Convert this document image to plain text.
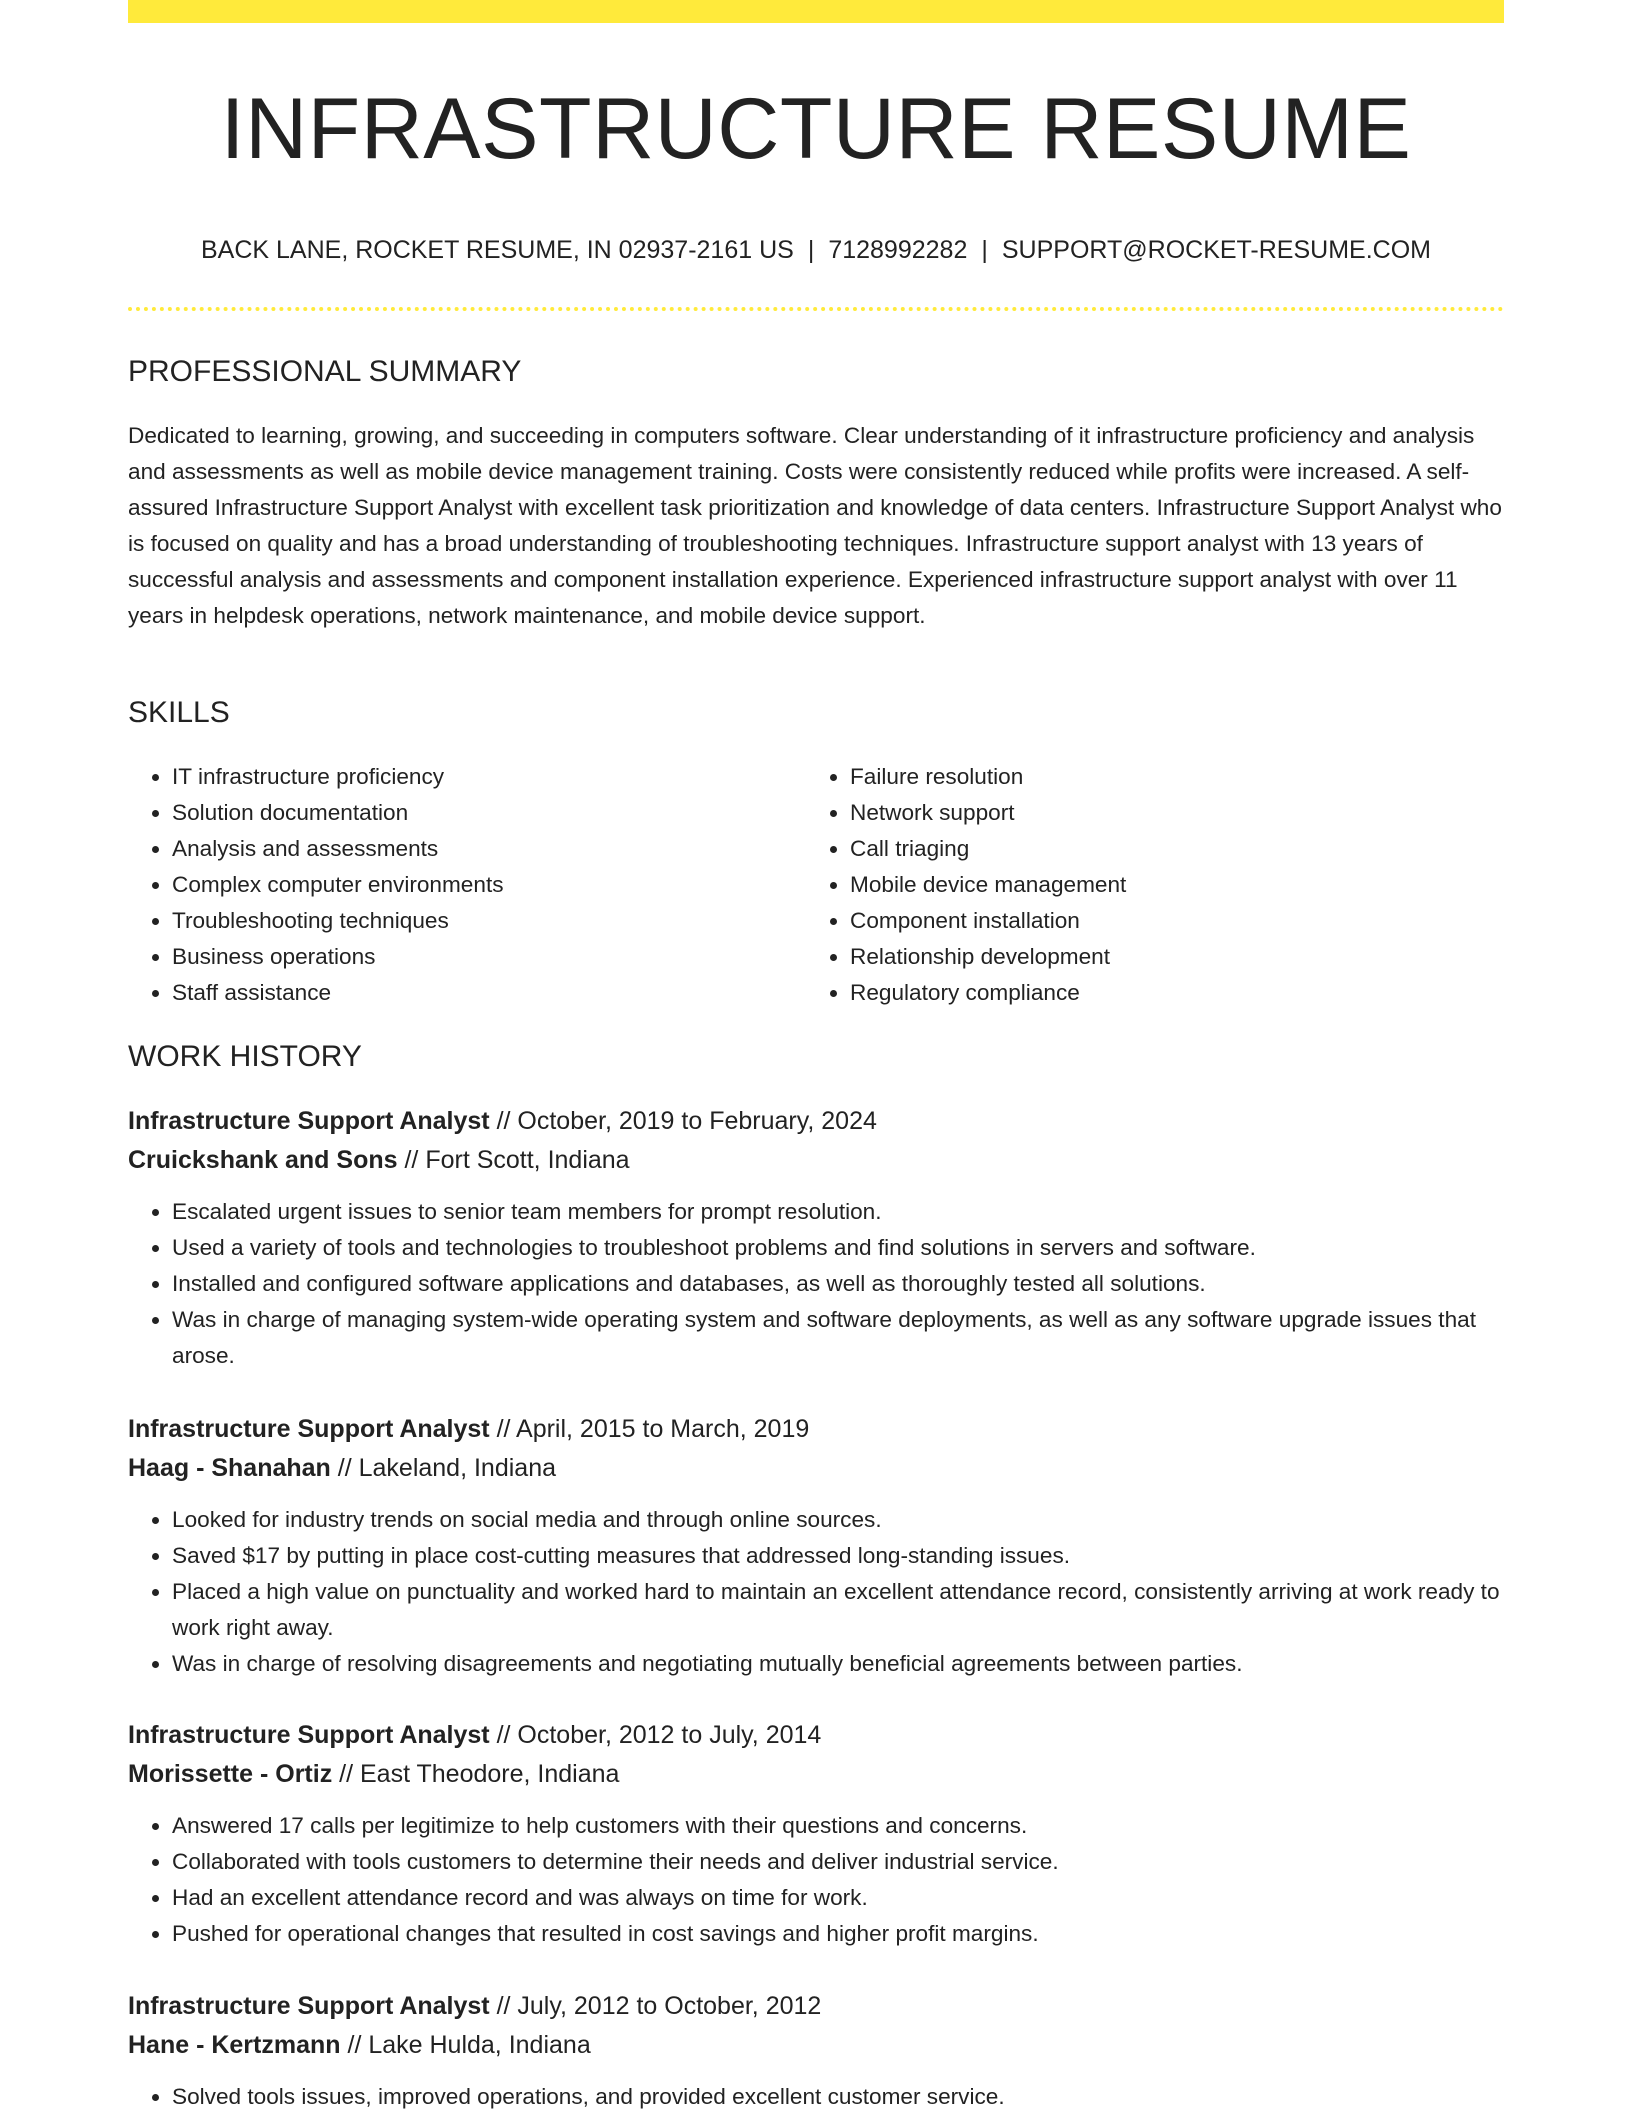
INFRASTRUCTURE RESUME
BACK LANE, ROCKET RESUME, IN 02937-2161 US | 7128992282 | SUPPORT@ROCKET-RESUME.COM
PROFESSIONAL SUMMARY

Dedicated to learning, growing, and succeeding in computers software. Clear understanding of it infrastructure proficiency and analysis and assessments as well as mobile device management training. Costs were consistently reduced while profits were increased. A self-assured Infrastructure Support Analyst with excellent task prioritization and knowledge of data centers. Infrastructure Support Analyst who is focused on quality and has a broad understanding of troubleshooting techniques. Infrastructure support analyst with 13 years of successful analysis and assessments and component installation experience. Experienced infrastructure support analyst with over 11 years in helpdesk operations, network maintenance, and mobile device support.

SKILLS
• IT infrastructure proficiency
• Solution documentation
• Analysis and assessments
• Complex computer environments
• Troubleshooting techniques
• Business operations
• Staff assistance
• Failure resolution
• Network support
• Call triaging
• Mobile device management
• Component installation
• Relationship development
• Regulatory compliance
WORK HISTORY
Infrastructure Support Analyst // October, 2019 to February, 2024
Cruickshank and Sons // Fort Scott, Indiana
• Escalated urgent issues to senior team members for prompt resolution.
• Used a variety of tools and technologies to troubleshoot problems and find solutions in servers and software.
• Installed and configured software applications and databases, as well as thoroughly tested all solutions.
• Was in charge of managing system-wide operating system and software deployments, as well as any software upgrade issues that arose.
Infrastructure Support Analyst // April, 2015 to March, 2019
Haag - Shanahan // Lakeland, Indiana
• Looked for industry trends on social media and through online sources.
• Saved $17 by putting in place cost-cutting measures that addressed long-standing issues.
• Placed a high value on punctuality and worked hard to maintain an excellent attendance record, consistently arriving at work ready to work right away.
• Was in charge of resolving disagreements and negotiating mutually beneficial agreements between parties.
Infrastructure Support Analyst // October, 2012 to July, 2014
Morissette - Ortiz // East Theodore, Indiana
• Answered 17 calls per legitimize to help customers with their questions and concerns.
• Collaborated with tools customers to determine their needs and deliver industrial service.
• Had an excellent attendance record and was always on time for work.
• Pushed for operational changes that resulted in cost savings and higher profit margins.
Infrastructure Support Analyst // July, 2012 to October, 2012
Hane - Kertzmann // Lake Hulda, Indiana
• Solved tools issues, improved operations, and provided excellent customer service.
